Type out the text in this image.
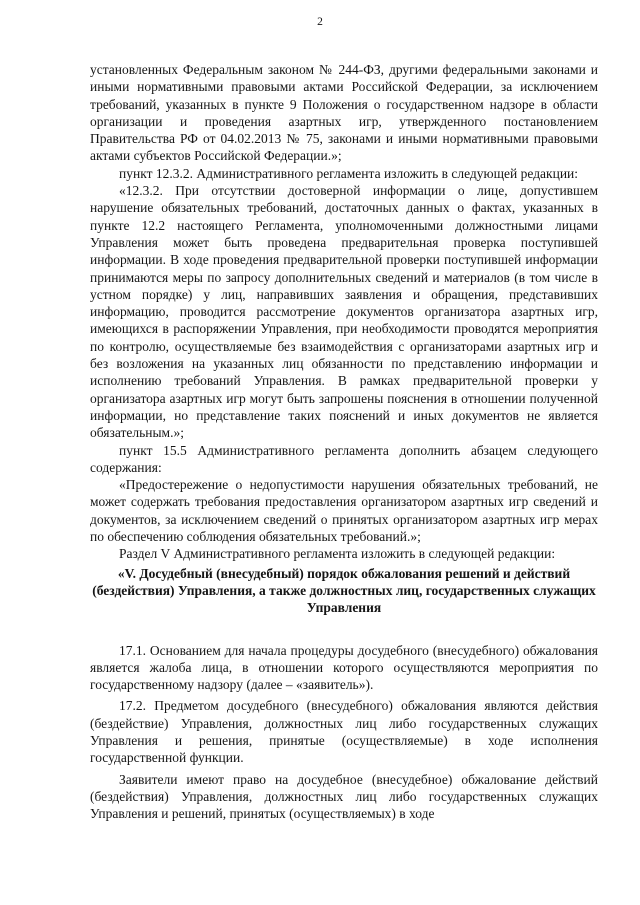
2

установленных Федеральным законом № 244-ФЗ, другими федеральными законами и иными нормативными правовыми актами Российской Федерации, за исключением требований, указанных в пункте 9 Положения о государственном надзоре в области организации и проведения азартных игр, утвержденного постановлением Правительства РФ от 04.02.2013 № 75, законами и иными нормативными правовыми актами субъектов Российской Федерации.»;

пункт 12.3.2. Административного регламента изложить в следующей редакции:

«12.3.2. При отсутствии достоверной информации о лице, допустившем нарушение обязательных требований, достаточных данных о фактах, указанных в пункте 12.2 настоящего Регламента, уполномоченными должностными лицами Управления может быть проведена предварительная проверка поступившей информации. В ходе проведения предварительной проверки поступившей информации принимаются меры по запросу дополнительных сведений и материалов (в том числе в устном порядке) у лиц, направивших заявления и обращения, представивших информацию, проводится рассмотрение документов организатора азартных игр, имеющихся в распоряжении Управления, при необходимости проводятся мероприятия по контролю, осуществляемые без взаимодействия с организаторами азартных игр и без возложения на указанных лиц обязанности по представлению информации и исполнению требований Управления. В рамках предварительной проверки у организатора азартных игр могут быть запрошены пояснения в отношении полученной информации, но представление таких пояснений и иных документов не является обязательным.»;

пункт 15.5 Административного регламента дополнить абзацем следующего содержания:

«Предостережение о недопустимости нарушения обязательных требований, не может содержать требования предоставления организатором азартных игр сведений и документов, за исключением сведений о принятых организатором азартных игр мерах по обеспечению соблюдения обязательных требований.»;

Раздел V Административного регламента изложить в следующей редакции:

«V. Досудебный (внесудебный) порядок обжалования решений и действий (бездействия) Управления, а также должностных лиц, государственных служащих Управления

17.1. Основанием для начала процедуры досудебного (внесудебного) обжалования является жалоба лица, в отношении которого осуществляются мероприятия по государственному надзору (далее – «заявитель»).

17.2. Предметом досудебного (внесудебного) обжалования являются действия (бездействие) Управления, должностных лиц либо государственных служащих Управления и решения, принятые (осуществляемые) в ходе исполнения государственной функции.

Заявители имеют право на досудебное (внесудебное) обжалование действий (бездействия) Управления, должностных лиц либо государственных служащих Управления и решений, принятых (осуществляемых) в ходе
